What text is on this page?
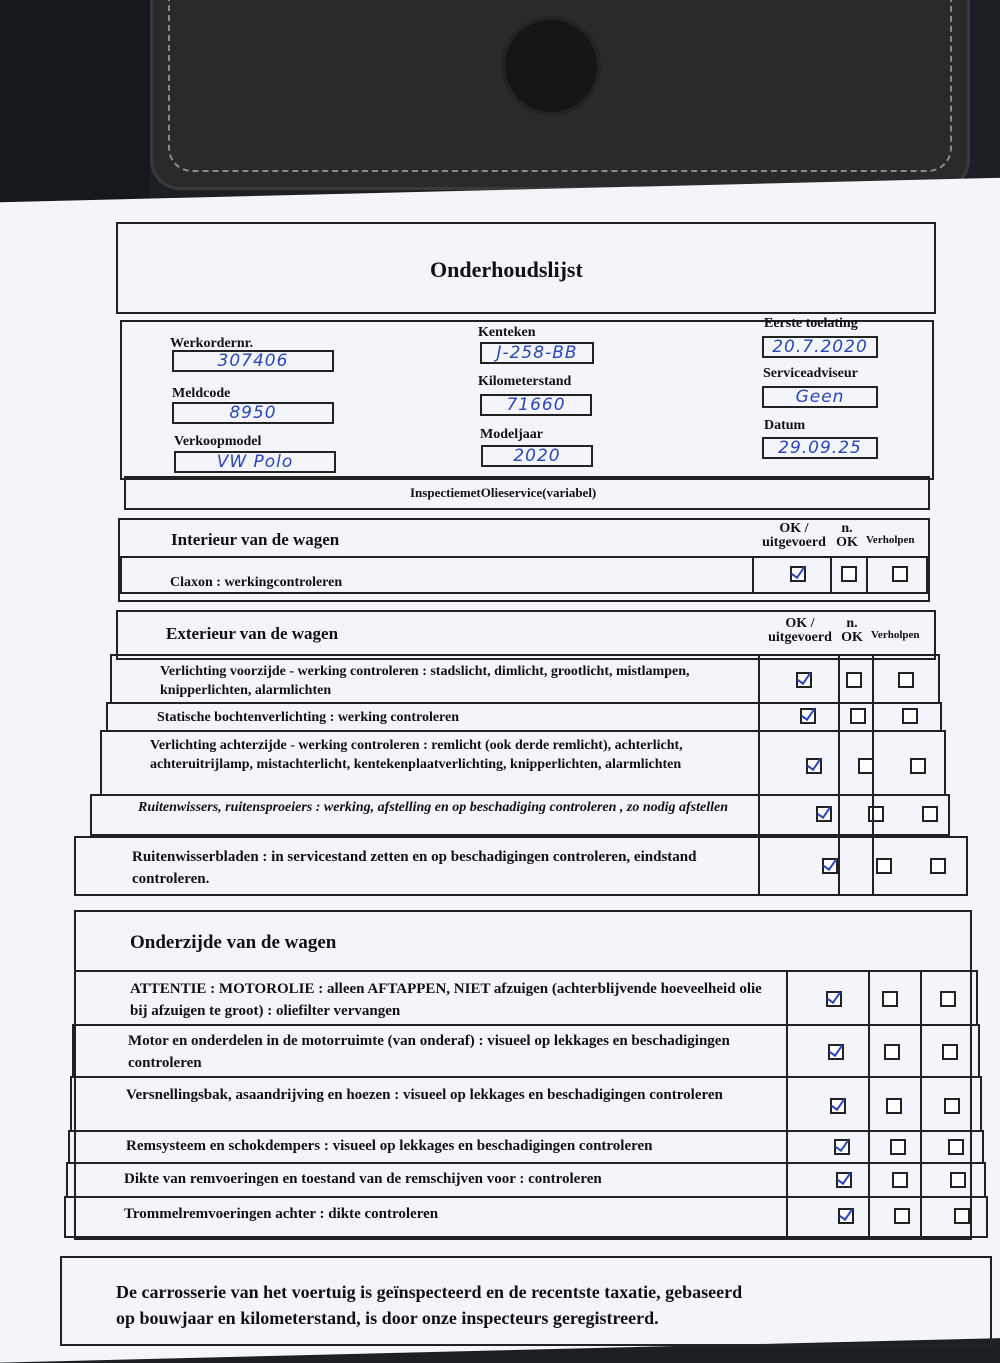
Onderhoudslijst
Werkordernr.
307406
Meldcode
8950
Verkoopmodel
VW Polo
Kenteken
J-258-BB
Kilometerstand
71660
Modeljaar
2020
Eerste toelating
20.7.2020
Serviceadviseur
Geen
Datum
29.09.25
InspectiemetOlieservice(variabel)
Interieur van de wagen
OK / uitgevoerd
n. OK Verholpen
Claxon : werkingcontroleren
Exterieur van de wagen
OK / uitgevoerd
n. OK Verholpen
Verlichting voorzijde - werking controleren : stadslicht, dimlicht, grootlicht, mistlampen, knipperlichten, alarmlichten
Statische bochtenverlichting : werking controleren
Verlichting achterzijde - werking controleren : remlicht (ook derde remlicht), achterlicht, achteruitrijlamp, mistachterlicht, kentekenplaatverlichting, knipperlichten, alarmlichten
Ruitenwissers, ruitensproeiers : werking, afstelling en op beschadiging controleren , zo nodig afstellen
Ruitenwisserbladen : in servicestand zetten en op beschadigingen controleren, eindstand controleren.
Onderzijde van de wagen
ATTENTIE : MOTOROLIE : alleen AFTAPPEN, NIET afzuigen (achterblijvende hoeveelheid olie bij afzuigen te groot) : oliefilter vervangen
Motor en onderdelen in de motorruimte (van onderaf) : visueel op lekkages en beschadigingen controleren
Versnellingsbak, asaandrijving en hoezen : visueel op lekkages en beschadigingen controleren
Remsysteem en schokdempers : visueel op lekkages en beschadigingen controleren
Dikte van remvoeringen en toestand van de remschijven voor : controleren
Trommelremvoeringen achter : dikte controleren
De carrosserie van het voertuig is geïnspecteerd en de recentste taxatie, gebaseerd
op bouwjaar en kilometerstand, is door onze inspecteurs geregistreerd.
